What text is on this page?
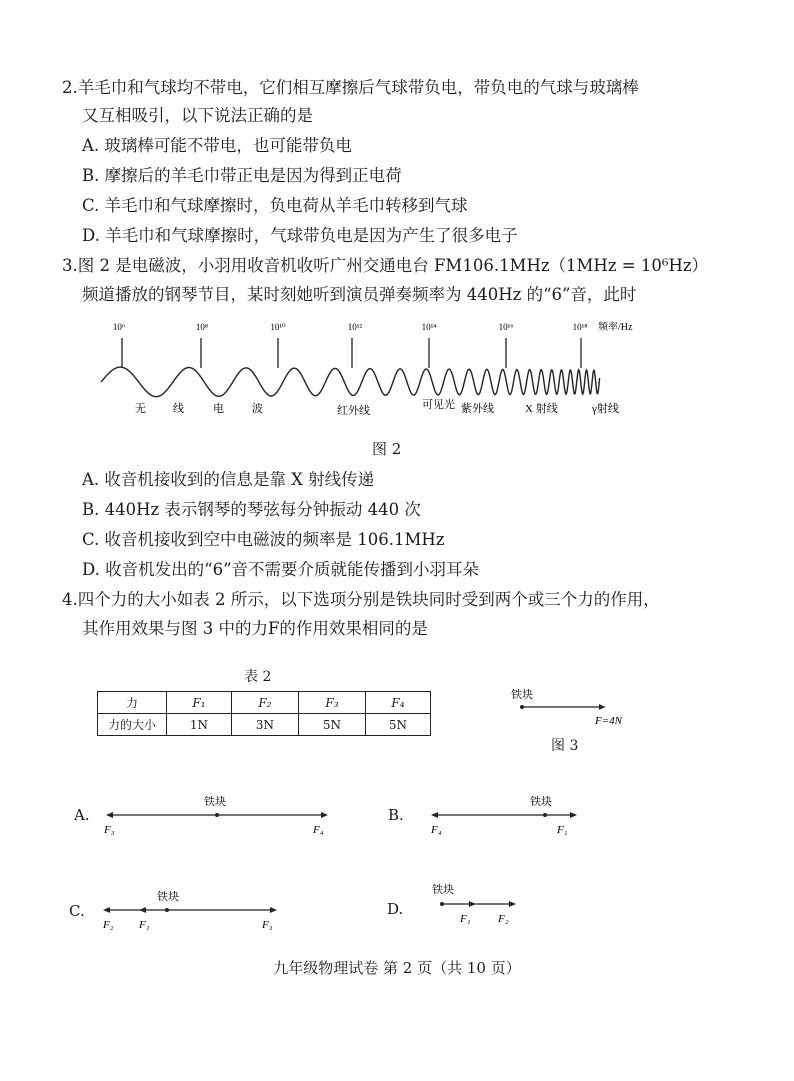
2.羊毛巾和气球均不带电，它们相互摩擦后气球带负电，带负电的气球与玻璃棒
又互相吸引，以下说法正确的是
A. 玻璃棒可能不带电，也可能带负电
B. 摩擦后的羊毛巾带正电是因为得到正电荷
C. 羊毛巾和气球摩擦时，负电荷从羊毛巾转移到气球
D. 羊毛巾和气球摩擦时，气球带负电是因为产生了很多电子
3.图 2 是电磁波，小羽用收音机收听广州交通电台 FM106.1MHz（1MHz = 10⁶Hz）
频道播放的钢琴节目，某时刻她听到演员弹奏频率为 440Hz 的“6”音，此时
10⁶	10⁸	10¹⁰	10¹²	10¹⁴	10¹⁶	10¹⁸ 频率/Hz
无 线	电	波	红外线	可见光 紫外线	X 射线	γ射线
图 2
A. 收音机接收到的信息是靠 X 射线传递
B. 440Hz 表示钢琴的琴弦每分钟振动 440 次
C. 收音机接收到空中电磁波的频率是 106.1MHz
D. 收音机发出的“6”音不需要介质就能传播到小羽耳朵
4.四个力的大小如表 2 所示，以下选项分别是铁块同时受到两个或三个力的作用，
其作用效果与图 3 中的力F的作用效果相同的是
表 2
力	F₁	F₂	F₃	F₄
力的大小	1N	3N	5N	5N
铁块
F=4N
图 3
A.
铁块
F₃	F₄
B.
铁块
F₄	F₁
C.
铁块
F₂ F₁	F₃
D.
铁块
F₁ F₂
九年级物理试卷 第 2 页（共 10 页）
